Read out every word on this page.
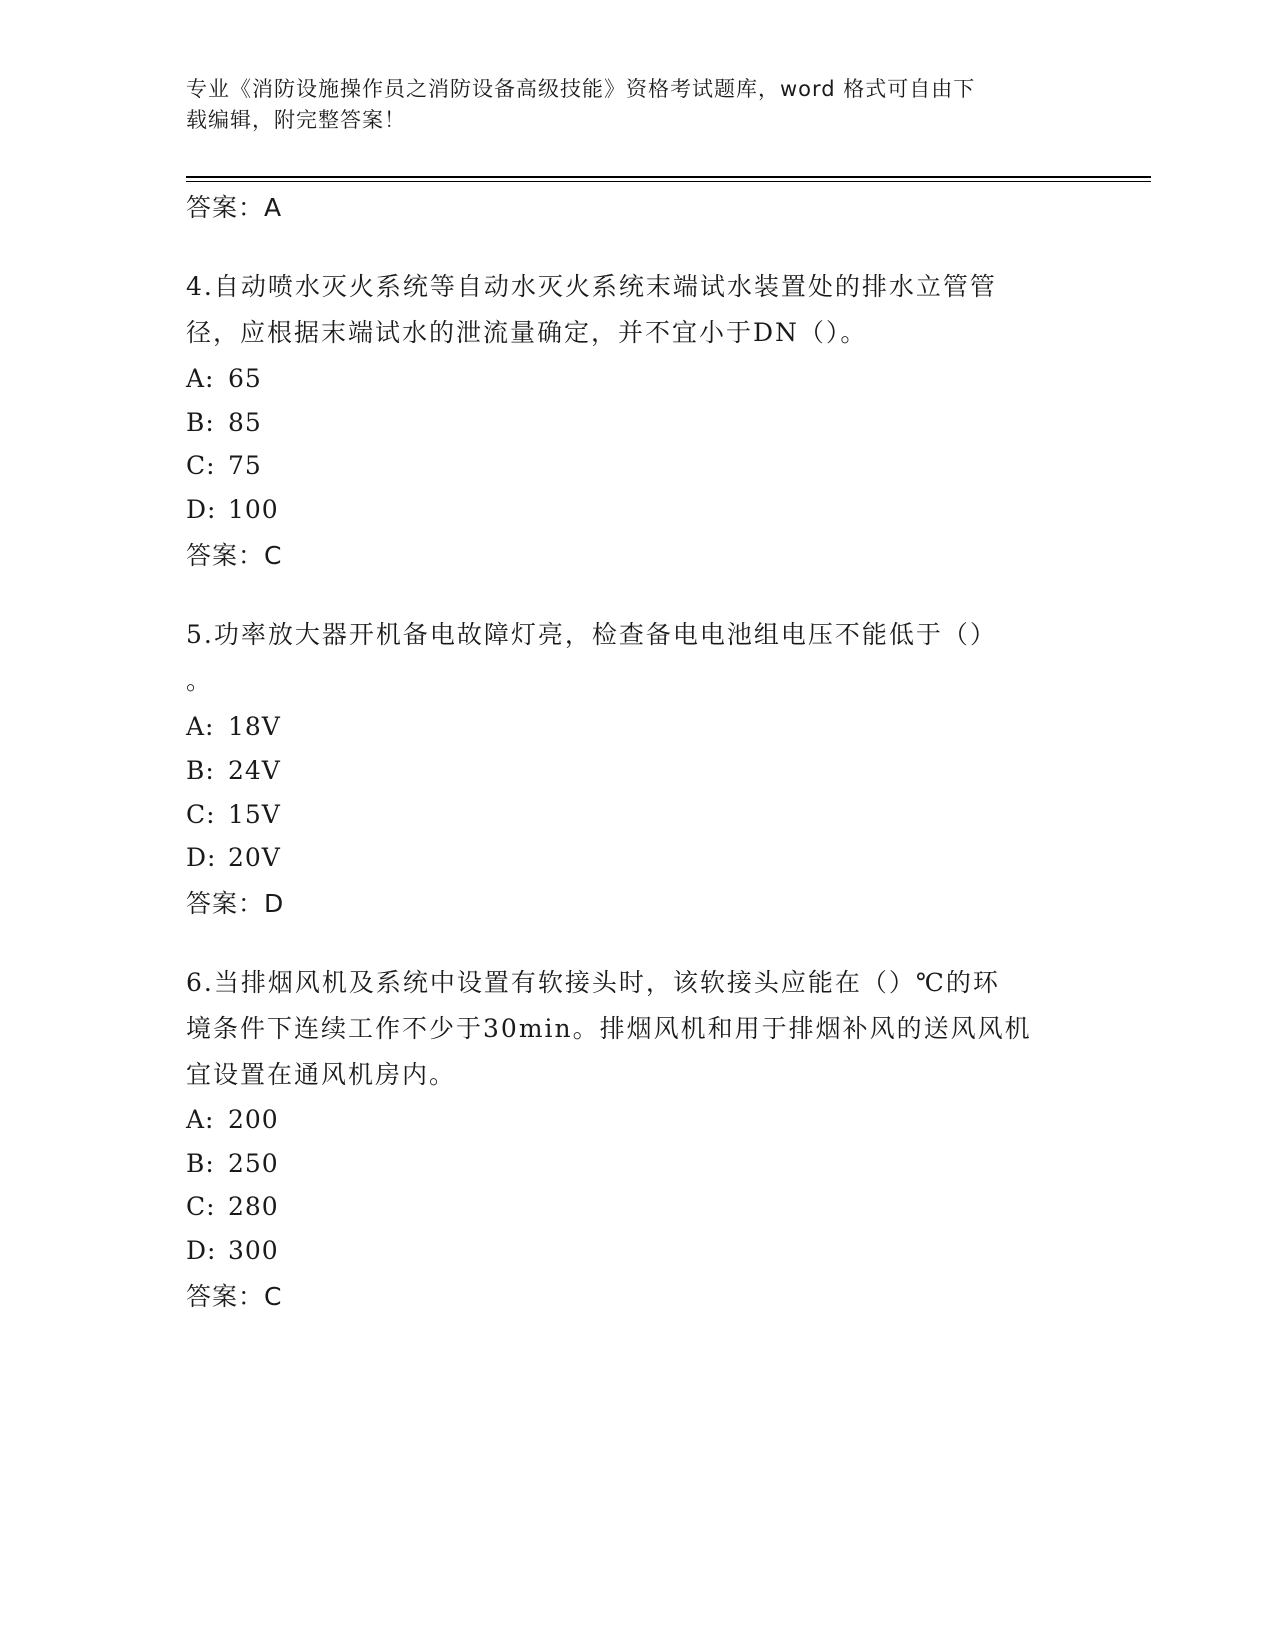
专业《消防设施操作员之消防设备高级技能》资格考试题库，word 格式可自由下
载编辑，附完整答案！
答案：A
4.自动喷水灭火系统等自动水灭火系统末端试水装置处的排水立管管
径，应根据末端试水的泄流量确定，并不宜小于DN（）。
A: 65
B: 85
C: 75
D: 100
答案：C
5.功率放大器开机备电故障灯亮，检查备电电池组电压不能低于（）
。
A: 18V
B: 24V
C: 15V
D: 20V
答案：D
6.当排烟风机及系统中设置有软接头时，该软接头应能在（）℃的环
境条件下连续工作不少于30min。排烟风机和用于排烟补风的送风风机
宜设置在通风机房内。
A: 200
B: 250
C: 280
D: 300
答案：C
